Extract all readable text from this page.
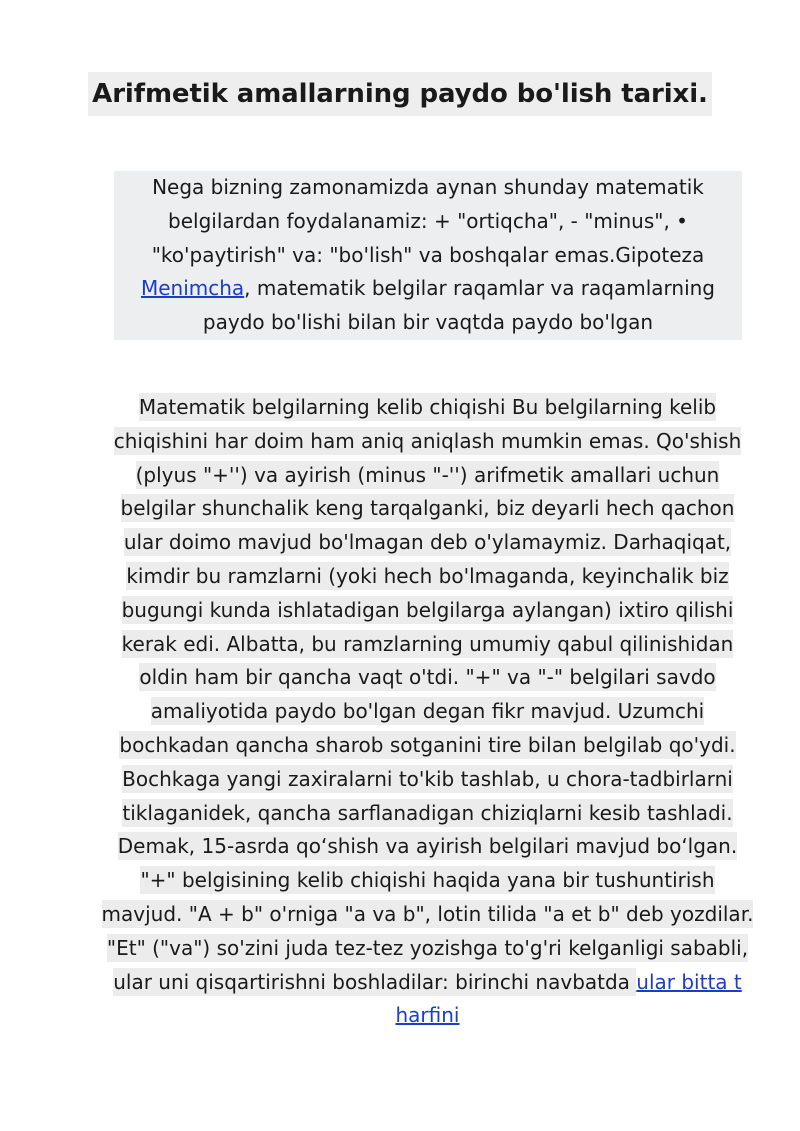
Arifmetik amallarning paydo bo'lish tarixi.
Nega bizning zamonamizda aynan shunday matematik belgilardan foydalanamiz: + "ortiqcha", - "minus", • "ko'paytirish" va: "bo'lish" va boshqalar emas.Gipoteza Menimcha, matematik belgilar raqamlar va raqamlarning paydo bo'lishi bilan bir vaqtda paydo bo'lgan
Matematik belgilarning kelib chiqishi Bu belgilarning kelib chiqishini har doim ham aniq aniqlash mumkin emas. Qo'shish (plyus "+'') va ayirish (minus "-'') arifmetik amallari uchun belgilar shunchalik keng tarqalganki, biz deyarli hech qachon ular doimo mavjud bo'lmagan deb o'ylamaymiz. Darhaqiqat, kimdir bu ramzlarni (yoki hech bo'lmaganda, keyinchalik biz bugungi kunda ishlatadigan belgilarga aylangan) ixtiro qilishi kerak edi. Albatta, bu ramzlarning umumiy qabul qilinishidan oldin ham bir qancha vaqt o'tdi. "+" va "-" belgilari savdo amaliyotida paydo bo'lgan degan fikr mavjud. Uzumchi bochkadan qancha sharob sotganini tire bilan belgilab qo'ydi. Bochkaga yangi zaxiralarni to'kib tashlab, u chora-tadbirlarni tiklaganidek, qancha sarflanadigan chiziqlarni kesib tashladi. Demak, 15-asrda qo‘shish va ayirish belgilari mavjud bo‘lgan. "+" belgisining kelib chiqishi haqida yana bir tushuntirish mavjud. "A + b" o'rniga "a va b", lotin tilida "a et b" deb yozdilar. "Et" ("va") so'zini juda tez-tez yozishga to'g'ri kelganligi sababli, ular uni qisqartirishni boshladilar: birinchi navbatda ular bitta t harfini
